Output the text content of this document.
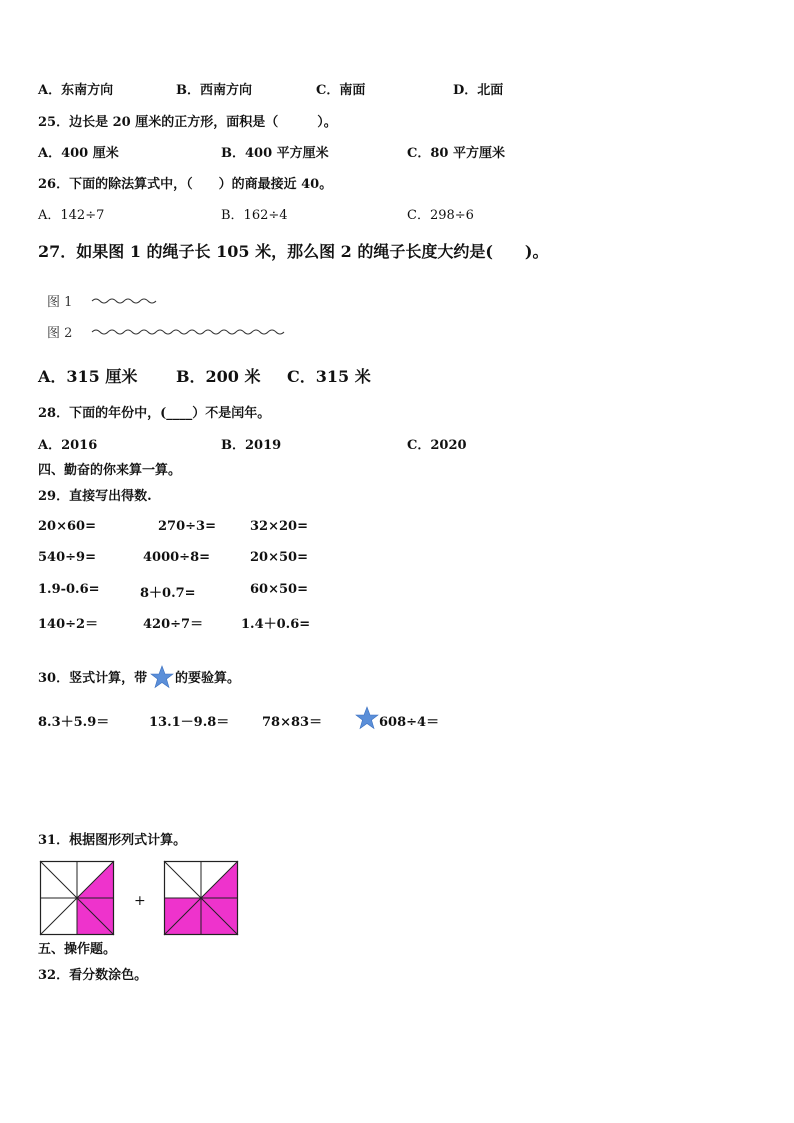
A．东南方向	B．西南方向	C．南面	D．北面
25．边长是 20 厘米的正方形，面积是（　　　）。
A．400 厘米	B．400 平方厘米	C．80 平方厘米
26．下面的除法算式中，（　　）的商最接近 40。
A．142÷7	B．162÷4	C．298÷6
27．如果图 1 的绳子长 105 米，那么图 2 的绳子长度大约是(　　)。
图 1
图 2
A．315 厘米 B．200 米 C．315 米
28．下面的年份中，(____）不是闰年。
A．2016	B．2019	C．2020
四、勤奋的你来算一算。
29．直接写出得数.
20×60=	270÷3=	32×20=
540÷9=	4000÷8=	20×50=
1.9-0.6=	8＋0.7=	60×50=
140÷2＝	420÷7＝	1.4＋0.6=
30．竖式计算，带 的要验算。
8.3＋5.9＝	13.1－9.8＝	78×83＝	608÷4＝
31．根据图形列式计算。
+
五、操作题。
32．看分数涂色。
